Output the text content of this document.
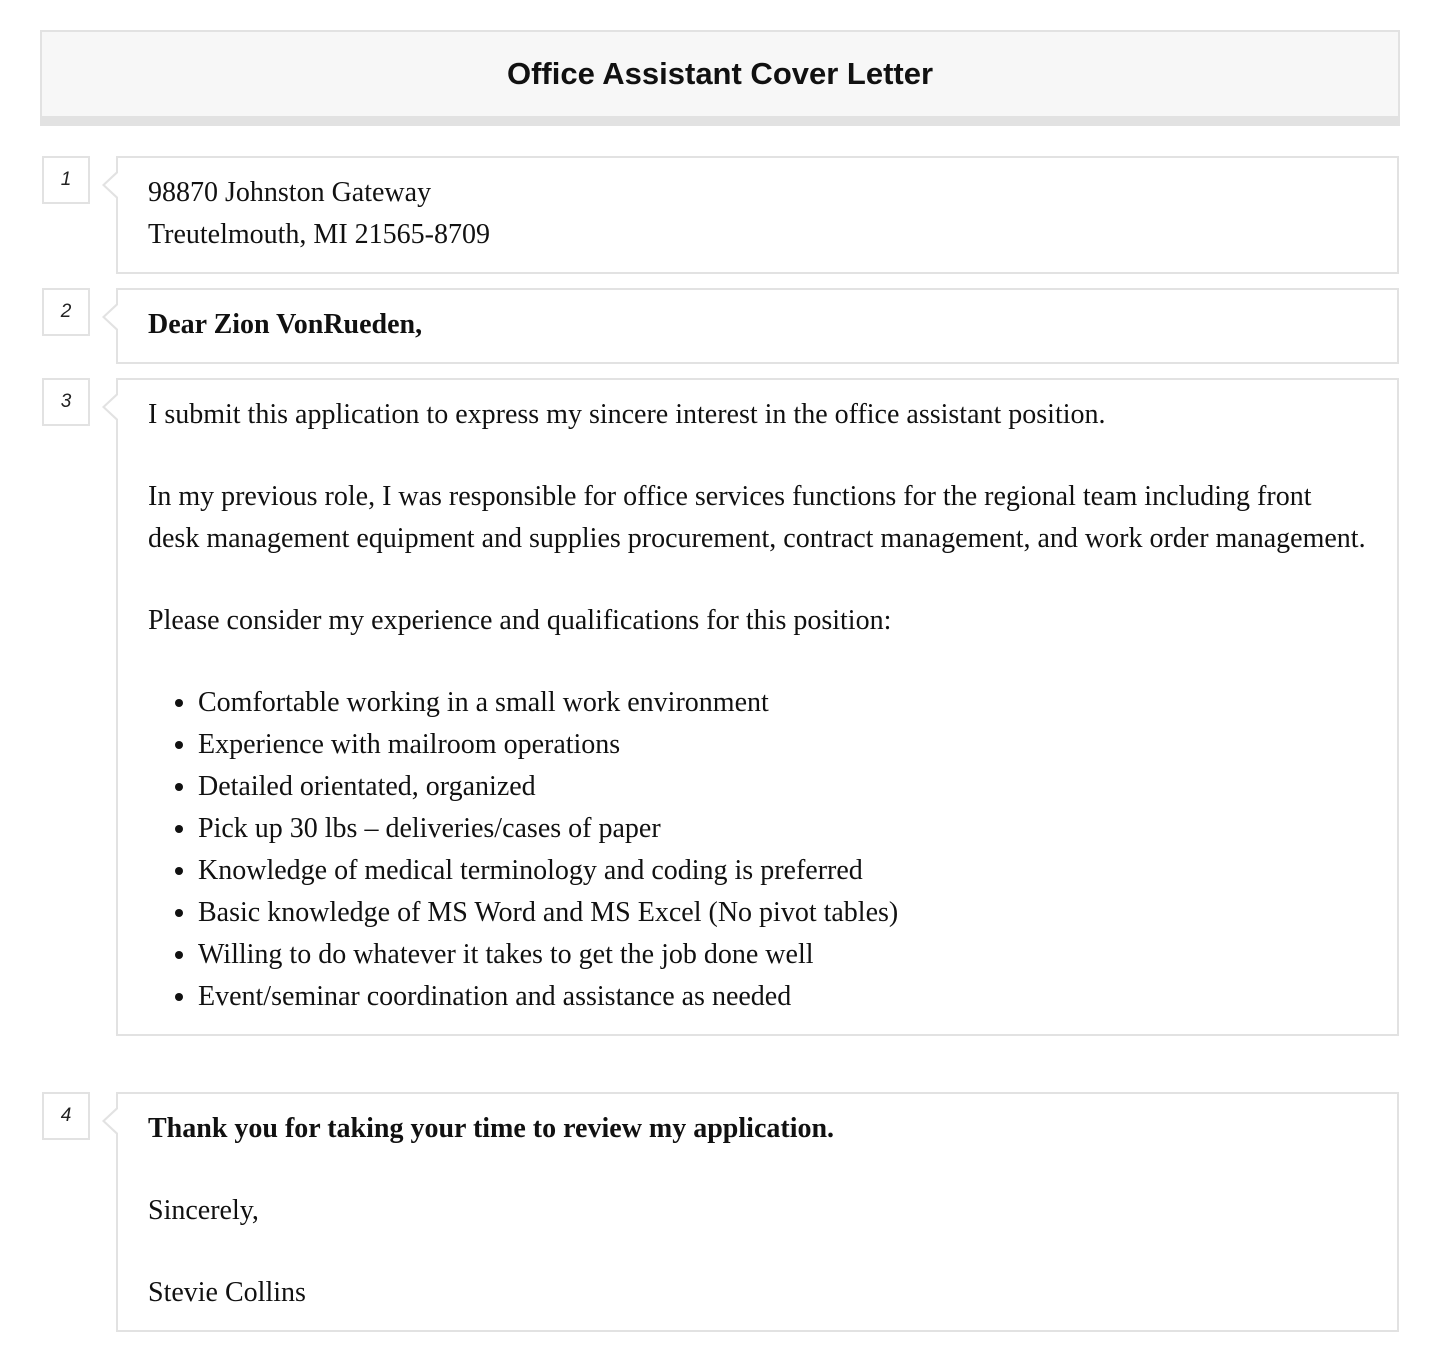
Office Assistant Cover Letter
1	98870 Johnston Gateway

Treutelmouth, MI 21565-8709

2	Dear Zion VonRueden,

3	I submit this application to express my sincere interest in the office assistant position.

In my previous role, I was responsible for office services functions for the regional team including front desk management equipment and supplies procurement, contract management, and work order management.

Please consider my experience and qualifications for this position:

• Comfortable working in a small work environment
• Experience with mailroom operations
• Detailed orientated, organized
• Pick up 30 lbs – deliveries/cases of paper
• Knowledge of medical terminology and coding is preferred
• Basic knowledge of MS Word and MS Excel (No pivot tables)
• Willing to do whatever it takes to get the job done well
• Event/seminar coordination and assistance as needed
4	Thank you for taking your time to review my application.

Sincerely,

Stevie Collins
